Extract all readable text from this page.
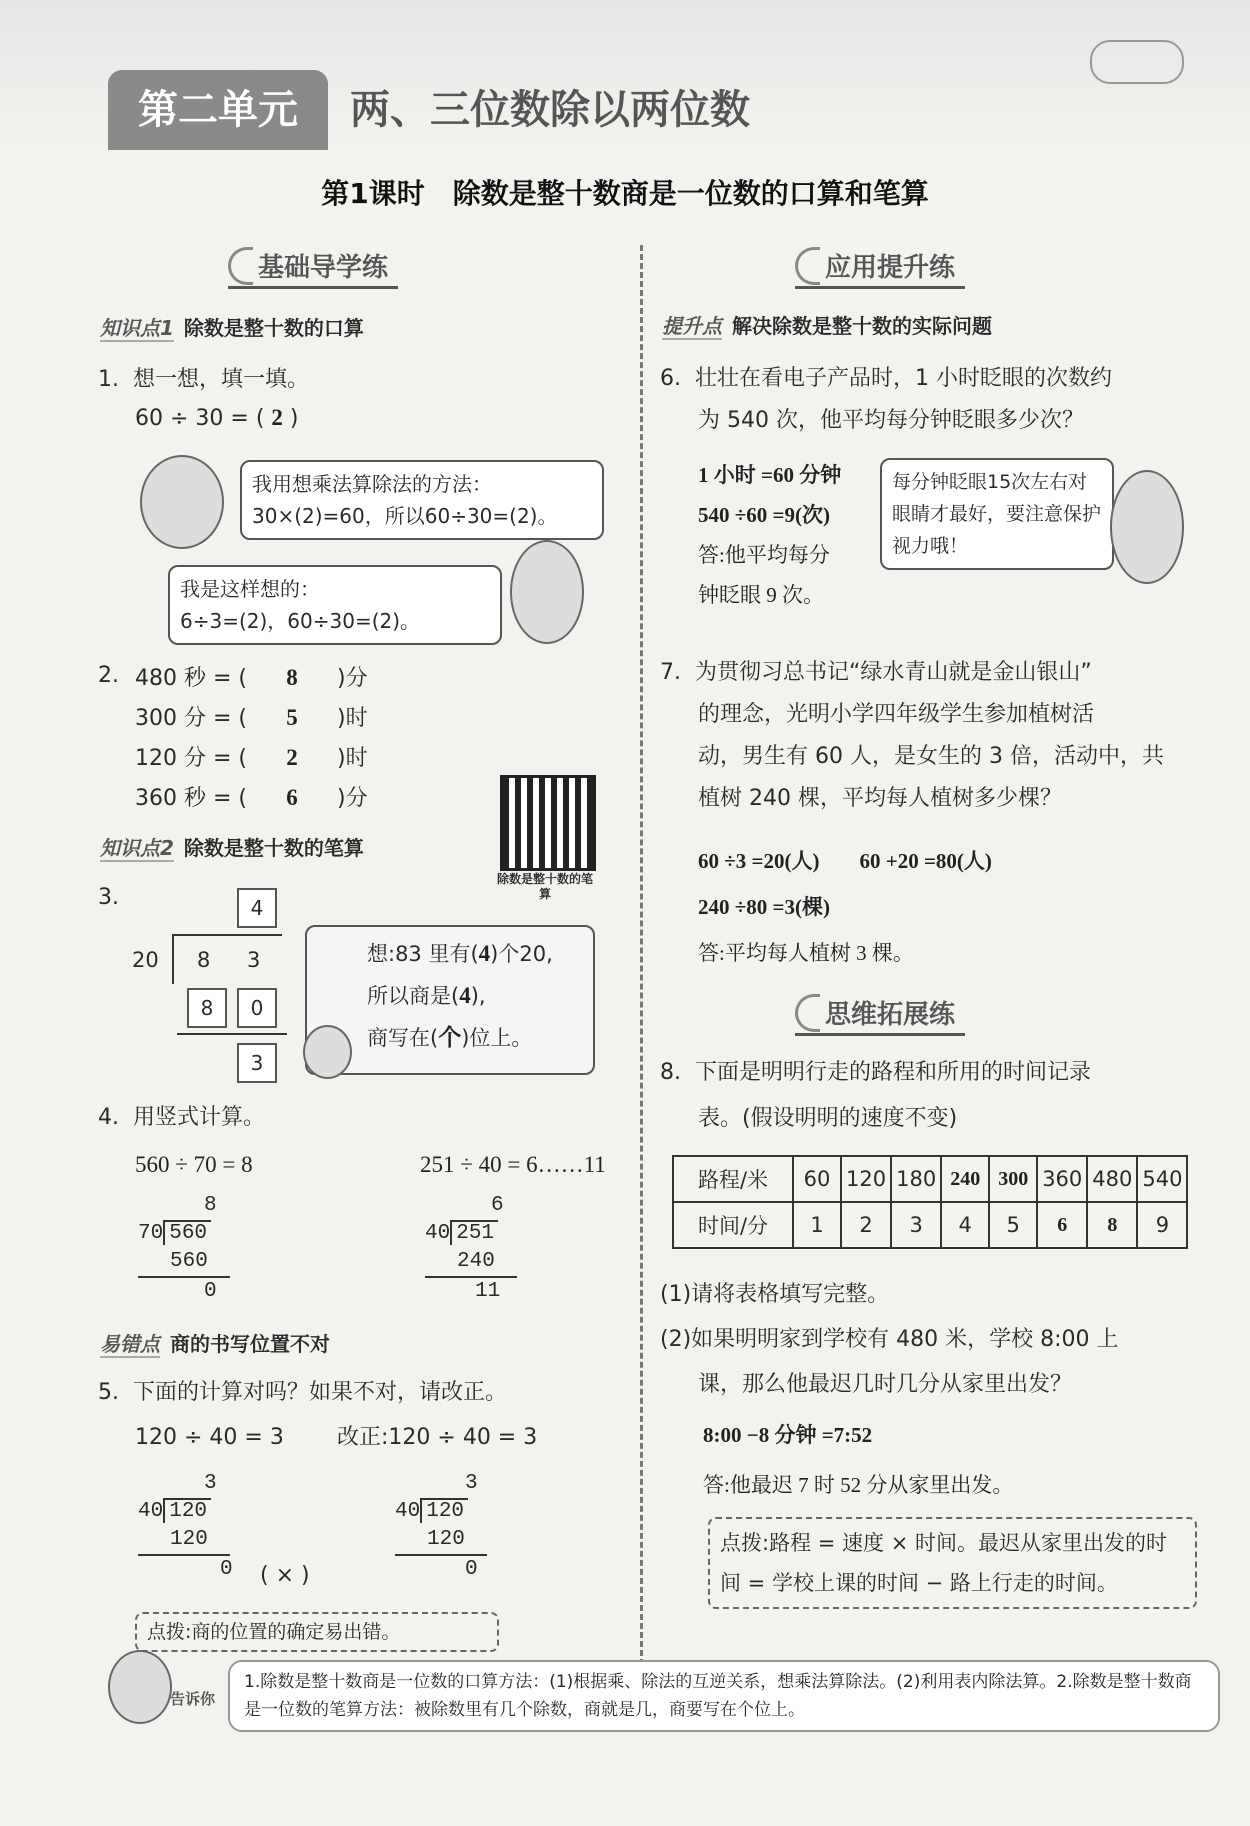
第二单元	两、三位数除以两位数
第1课时　除数是整十数商是一位数的口算和笔算
基础导学练
知识点1 除数是整十数的口算
1. 想一想，填一填。
60 ÷ 30 = ( 2 )
我用想乘法算除法的方法：30×(2)=60，所以60÷30=(2)。
我是这样想的：
6÷3=(2)，60÷30=(2)。
2. 480 秒 = ( 8 )分
300 分 = ( 5 )时
120 分 = ( 2 )时
360 秒 = ( 6 )分
知识点2 除数是整十数的笔算
除数是整十数的笔算
3.	4
20 8 3
8	0
3
想:83 里有(4)个20,
所以商是(4),
商写在(个)位上。
4. 用竖式计算。
560 ÷ 70 = 8	251 ÷ 40 = 6……11
8
70 560
560
0
6
40 251
240
11
易错点 商的书写位置不对
5. 下面的计算对吗？如果不对，请改正。
120 ÷ 40 = 3 改正:120 ÷ 40 = 3
3
40 120
120
0	( × )
3
40 120
120
0
点拨:商的位置的确定易出错。
应用提升练
提升点 解决除数是整十数的实际问题
6. 壮壮在看电子产品时，1 小时眨眼的次数约
为 540 次，他平均每分钟眨眼多少次？
1 小时 =60 分钟
540 ÷60 =9(次)
答:他平均每分
钟眨眼 9 次。
每分钟眨眼15次左右对眼睛才最好，要注意保护视力哦！
7. 为贯彻习总书记“绿水青山就是金山银山”
的理念，光明小学四年级学生参加植树活
动，男生有 60 人，是女生的 3 倍，活动中，共
植树 240 棵，平均每人植树多少棵？
60 ÷3 =20(人) 60 +20 =80(人)
240 ÷80 =3(棵)
答:平均每人植树 3 棵。
思维拓展练
8. 下面是明明行走的路程和所用的时间记录
表。(假设明明的速度不变)
路程/米	60	120	180	240	300	360	480	540
时间/分	1	2	3	4	5	6	8	9
(1)请将表格填写完整。
(2)如果明明家到学校有 480 米，学校 8:00 上
课，那么他最迟几时几分从家里出发？
8:00 −8 分钟 =7:52
答:他最迟 7 时 52 分从家里出发。
点拨:路程 = 速度 × 时间。最迟从家里出发的时间 = 学校上课的时间 − 路上行走的时间。
告诉你
1.除数是整十数商是一位数的口算方法：(1)根据乘、除法的互逆关系，想乘法算除法。(2)利用表内除法算。2.除数是整十数商是一位数的笔算方法：被除数里有几个除数，商就是几，商要写在个位上。
